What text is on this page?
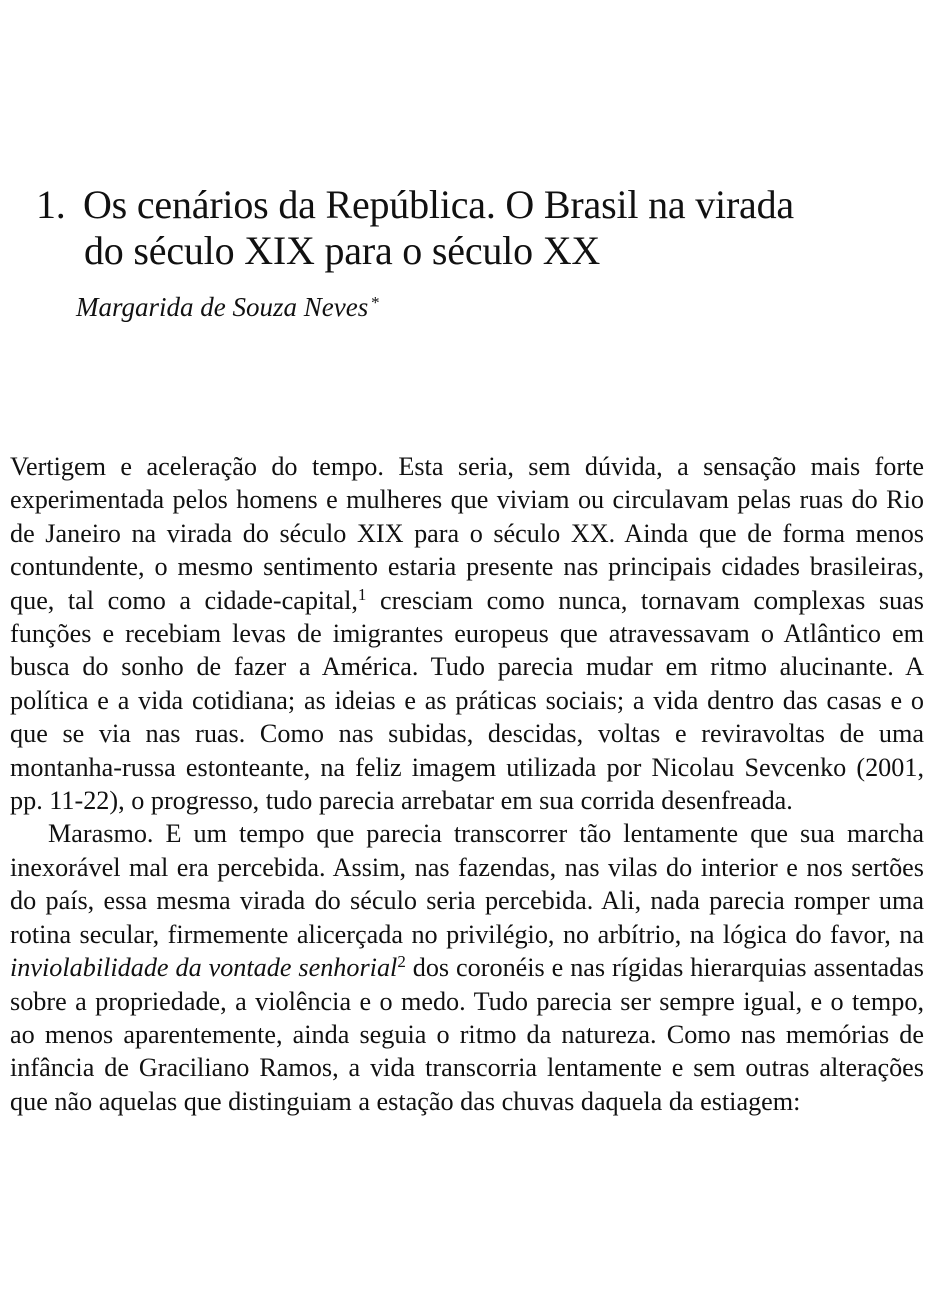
1. Os cenários da República. O Brasil na virada
do século XIX para o século XX

Margarida de Souza Neves *

Vertigem e aceleração do tempo. Esta seria, sem dúvida, a sensação mais forte experimentada pelos homens e mulheres que viviam ou circulavam pelas ruas do Rio de Janeiro na virada do século XIX para o século XX. Ainda que de forma menos contundente, o mesmo sentimento estaria presente nas principais cidades brasileiras, que, tal como a cidade-capital,$^1$ cresciam como nunca, tornavam complexas suas funções e recebiam levas de imigrantes europeus que atravessavam o Atlântico em busca do sonho de fazer a América. Tudo parecia mudar em ritmo alucinante. A política e a vida cotidiana; as ideias e as práticas sociais; a vida dentro das casas e o que se via nas ruas. Como nas subidas, descidas, voltas e reviravoltas de uma montanha-russa estonteante, na feliz imagem utilizada por Nicolau Sevcenko (2001, pp. 11-22), o progresso, tudo parecia arrebatar em sua corrida desenfreada.

Marasmo. E um tempo que parecia transcorrer tão lentamente que sua marcha inexorável mal era percebida. Assim, nas fazendas, nas vilas do interior e nos sertões do país, essa mesma virada do século seria percebida. Ali, nada parecia romper uma rotina secular, firmemente alicerçada no privilégio, no arbítrio, na lógica do favor, na inviolabilidade da vontade senhorial$^2$ dos coronéis e nas rígidas hierarquias assentadas sobre a propriedade, a violência e o medo. Tudo parecia ser sempre igual, e o tempo, ao menos aparentemente, ainda seguia o ritmo da natureza. Como nas memórias de infância de Graciliano Ramos, a vida transcorria lentamente e sem outras alterações que não aquelas que distinguiam a estação das chuvas daquela da estiagem:
